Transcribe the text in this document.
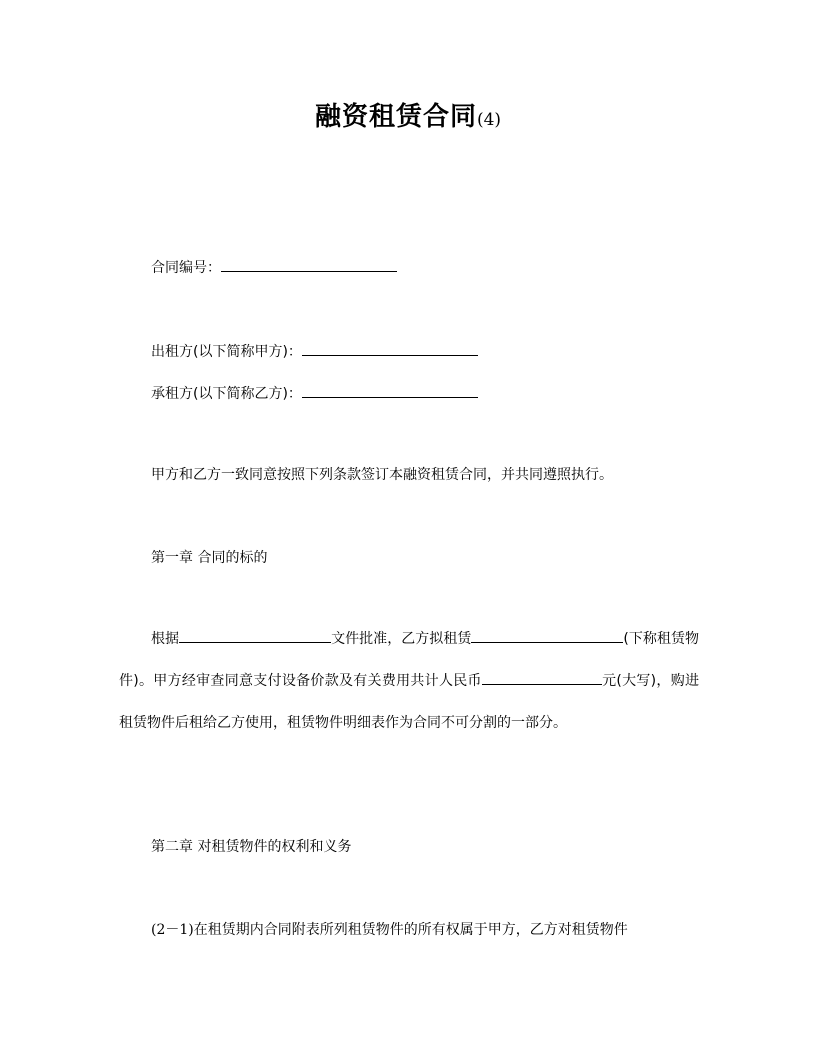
融资租赁合同(4)
合同编号：
出租方(以下简称甲方)：
承租方(以下简称乙方)：
甲方和乙方一致同意按照下列条款签订本融资租赁合同，并共同遵照执行。
第一章 合同的标的
根据	文件批准，乙方拟租赁	(下称租赁物件)。甲方经审查同意支付设备价款及有关费用共计人民币	元(大写)，购进租赁物件后租给乙方使用，租赁物件明细表作为合同不可分割的一部分。
第二章 对租赁物件的权利和义务
(2－1)在租赁期内合同附表所列租赁物件的所有权属于甲方，乙方对租赁物件
